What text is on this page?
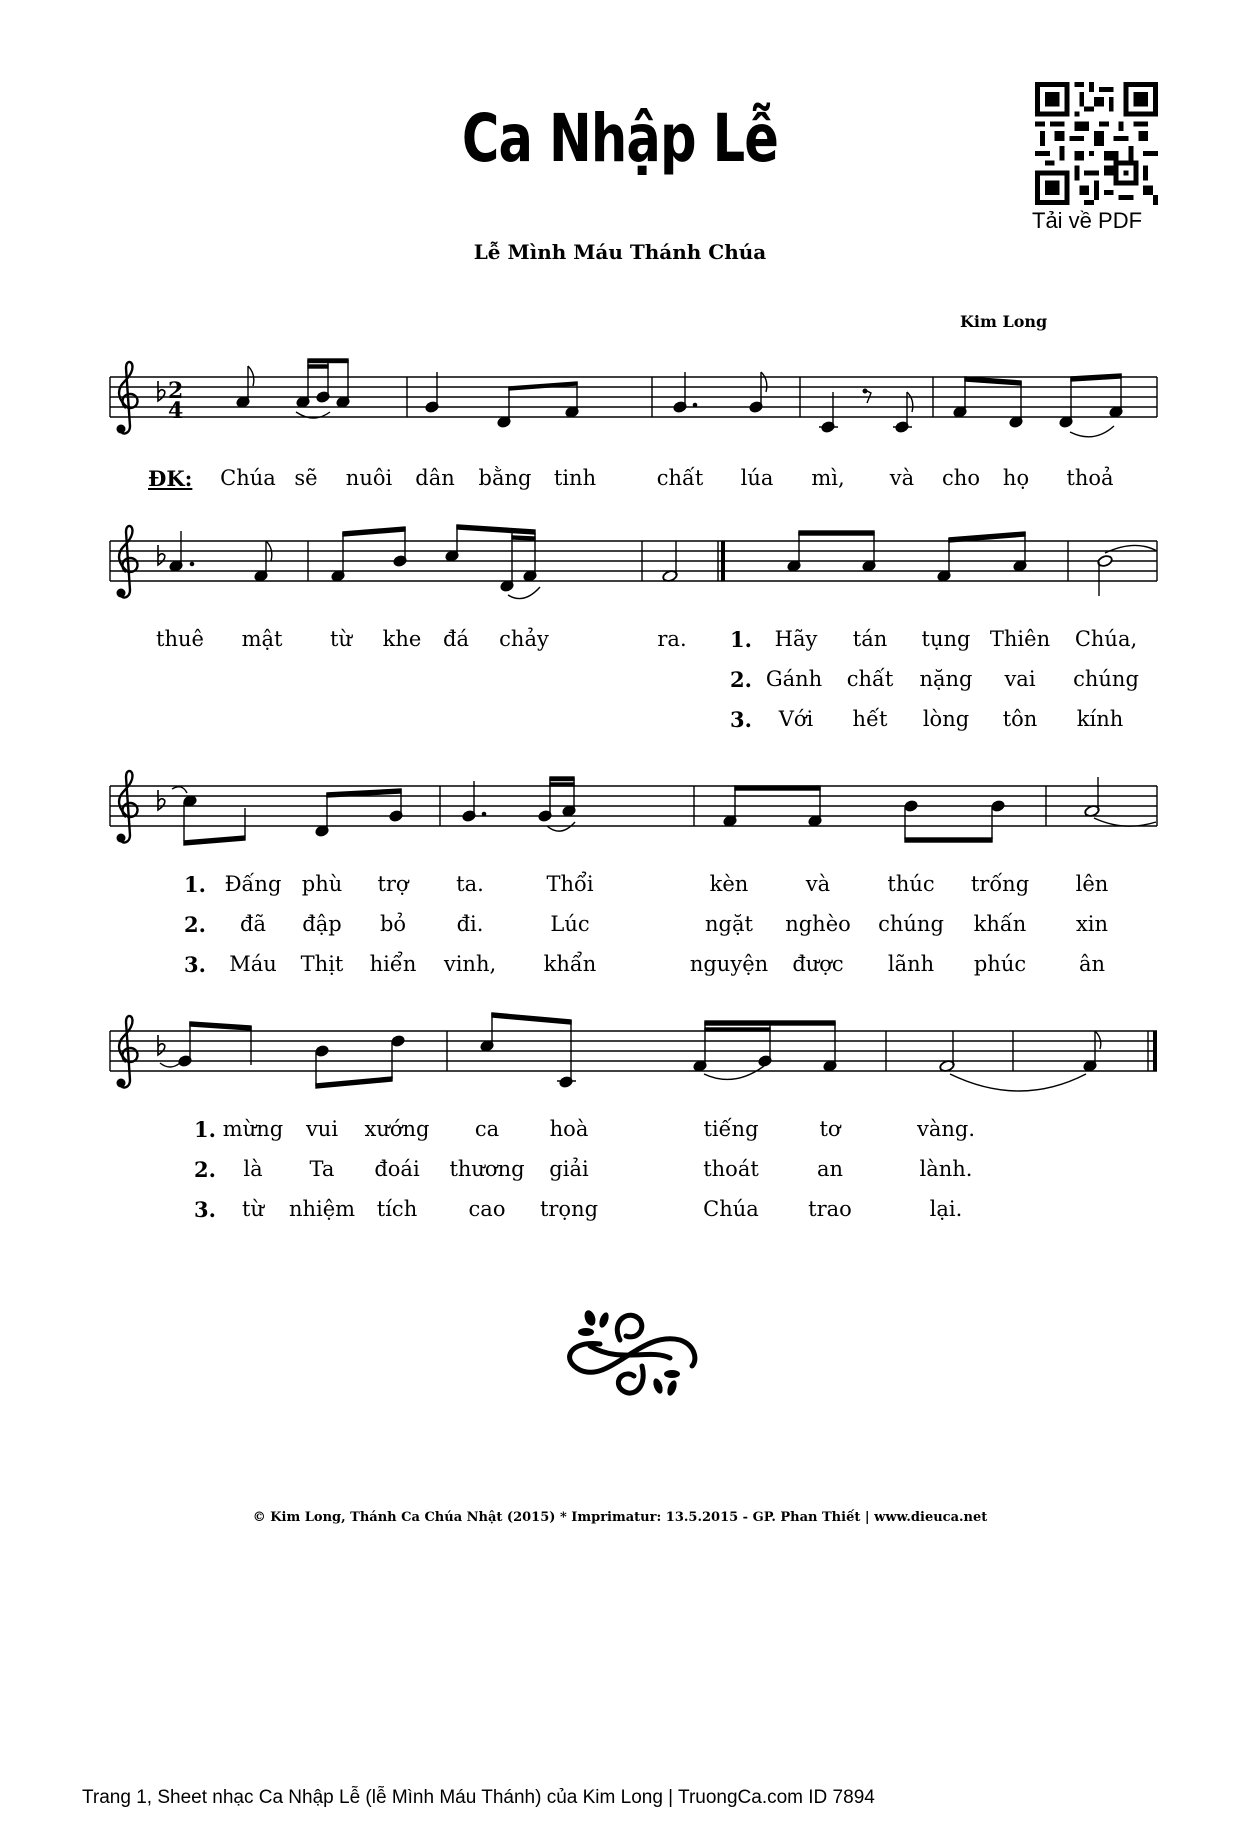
Ca Nhập Lễ
Lễ Mình Máu Thánh Chúa
Kim Long
Tải về PDF
2
4
ĐK: Chúa sẽ nuôi dân bằng tinh	chất lúa mì, và cho họ thoả
thuê mật từ khe đá chảy	ra. 1. Hãy tán tụng Thiên Chúa,
2. Gánh chất nặng vai chúng
3. Với hết lòng tôn kính
1. Đấng phù trợ ta.	Thổi	kèn	và	thúc trống lên
2. đã đập bỏ đi.	Lúc	ngặt nghèo chúng khấn xin
3. Máu Thịt hiển vinh, khẩn	nguyện được lãnh phúc	ân
1. mừng vui xướng ca hoà	tiếng	tơ	vàng.
2. là Ta đoái thương giải	thoát	an	lành.
3. từ nhiệm tích cao trọng	Chúa trao	lại.
© Kim Long, Thánh Ca Chúa Nhật (2015) * Imprimatur: 13.5.2015 - GP. Phan Thiết | www.dieuca.net
Trang 1, Sheet nhạc Ca Nhập Lễ (lễ Mình Máu Thánh) của Kim Long | TruongCa.com ID 7894
